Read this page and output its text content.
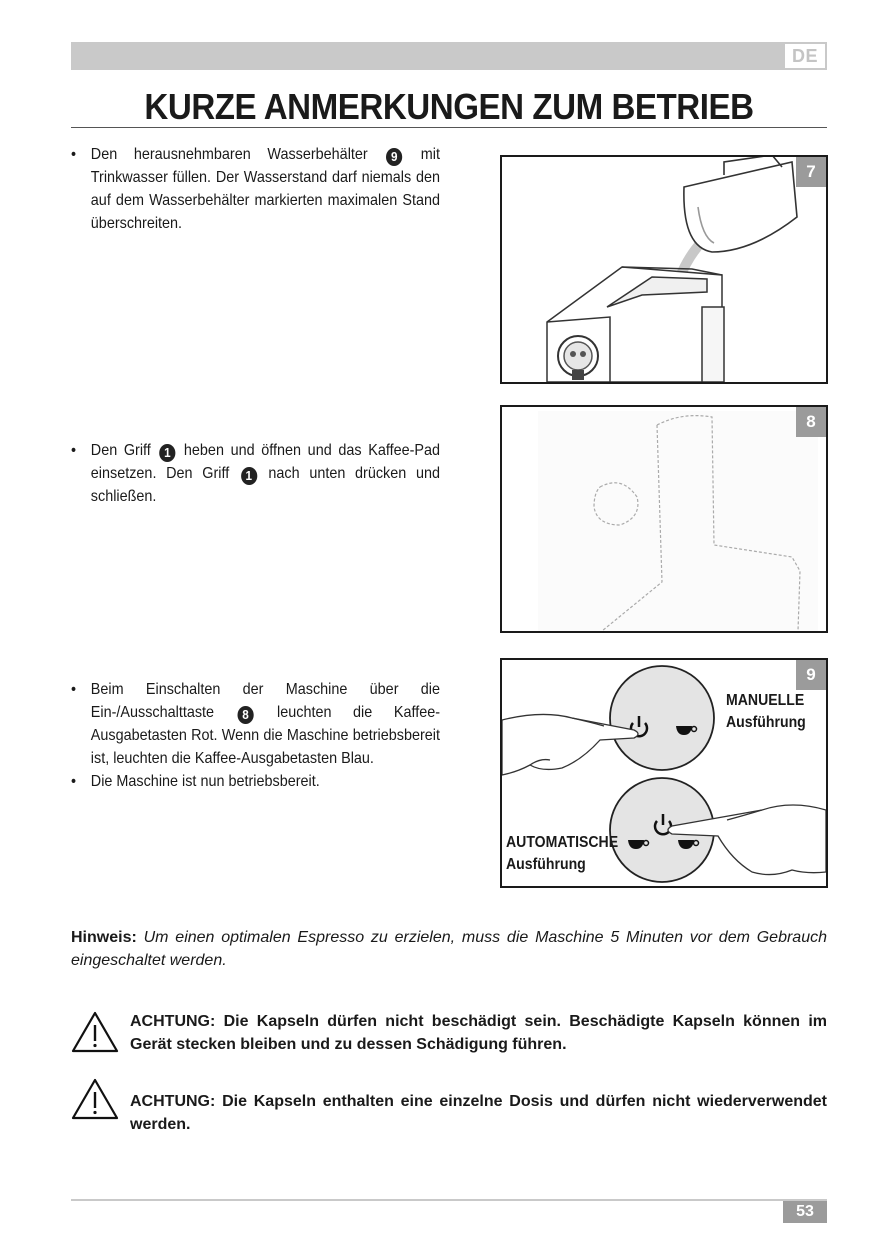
DE
KURZE ANMERKUNGEN ZUM BETRIEB
• Den herausnehmbaren Wasserbehälter 9 mit Trinkwasser füllen. Der Wasserstand darf niemals den auf dem Wasserbehälter markierten maximalen Stand überschreiten.
7
• Den Griff 1 heben und öffnen und das Kaffee-Pad einsetzen. Den Griff 1 nach unten drücken und schließen.
8
• Beim Einschalten der Maschine über die Ein-/Ausschalttaste 8 leuchten die Kaffee-Ausgabetasten Rot. Wenn die Maschine betriebsbereit ist, leuchten die Kaffee-Ausgabetasten Blau.
• Die Maschine ist nun betriebsbereit.
9
MANUELLE
Ausführung
AUTOMATISCHE
Ausführung
Hinweis: Um einen optimalen Espresso zu erzielen, muss die Maschine 5 Minuten vor dem Gebrauch eingeschaltet werden.
ACHTUNG: Die Kapseln dürfen nicht beschädigt sein. Beschädigte Kapseln können im Gerät stecken bleiben und zu dessen Schädigung führen.
ACHTUNG: Die Kapseln enthalten eine einzelne Dosis und dürfen nicht wiederverwendet werden.
53
